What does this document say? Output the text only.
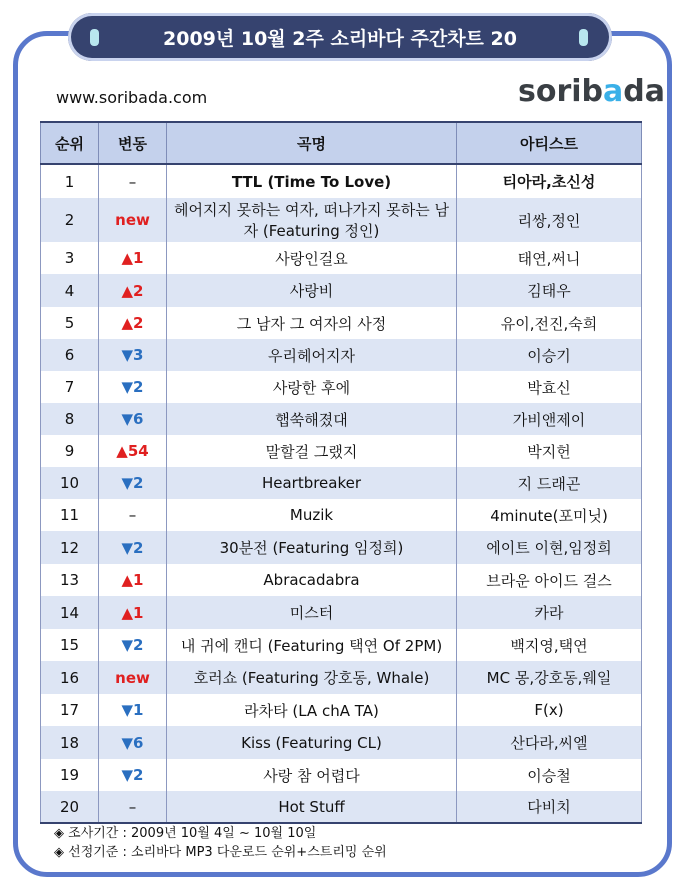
2009년 10월 2주 소리바다 주간차트 20
www.soribada.com	soribada
순위	변동	곡명	아티스트
1	–	TTL (Time To Love)	티아라,초신성
2	new	헤어지지 못하는 여자, 떠나가지 못하는 남자 (Featuring 정인)	리쌍,정인
3	▲1	사랑인걸요	태연,써니
4	▲2	사랑비	김태우
5	▲2	그 남자 그 여자의 사정	유이,전진,숙희
6	▼3	우리헤어지자	이승기
7	▼2	사랑한 후에	박효신
8	▼6	햅쑥해졌대	가비앤제이
9	▲54	말할걸 그랬지	박지헌
10	▼2	Heartbreaker	지 드래곤
11	–	Muzik	4minute(포미닛)
12	▼2	30분전 (Featuring 임정희)	에이트 이현,임정희
13	▲1	Abracadabra	브라운 아이드 걸스
14	▲1	미스터	카라
15	▼2	내 귀에 캔디 (Featuring 택연 Of 2PM)	백지영,택연
16	new	호러쇼 (Featuring 강호동, Whale)	MC 몽,강호동,웨일
17	▼1	라차타 (LA chA TA)	F(x)
18	▼6	Kiss (Featuring CL)	산다라,씨엘
19	▼2	사랑 참 어렵다	이승철
20	–	Hot Stuff	다비치
◈ 조사기간 : 2009년 10월 4일 ~ 10월 10일
◈ 선정기준 : 소리바다 MP3 다운로드 순위+스트리밍 순위
